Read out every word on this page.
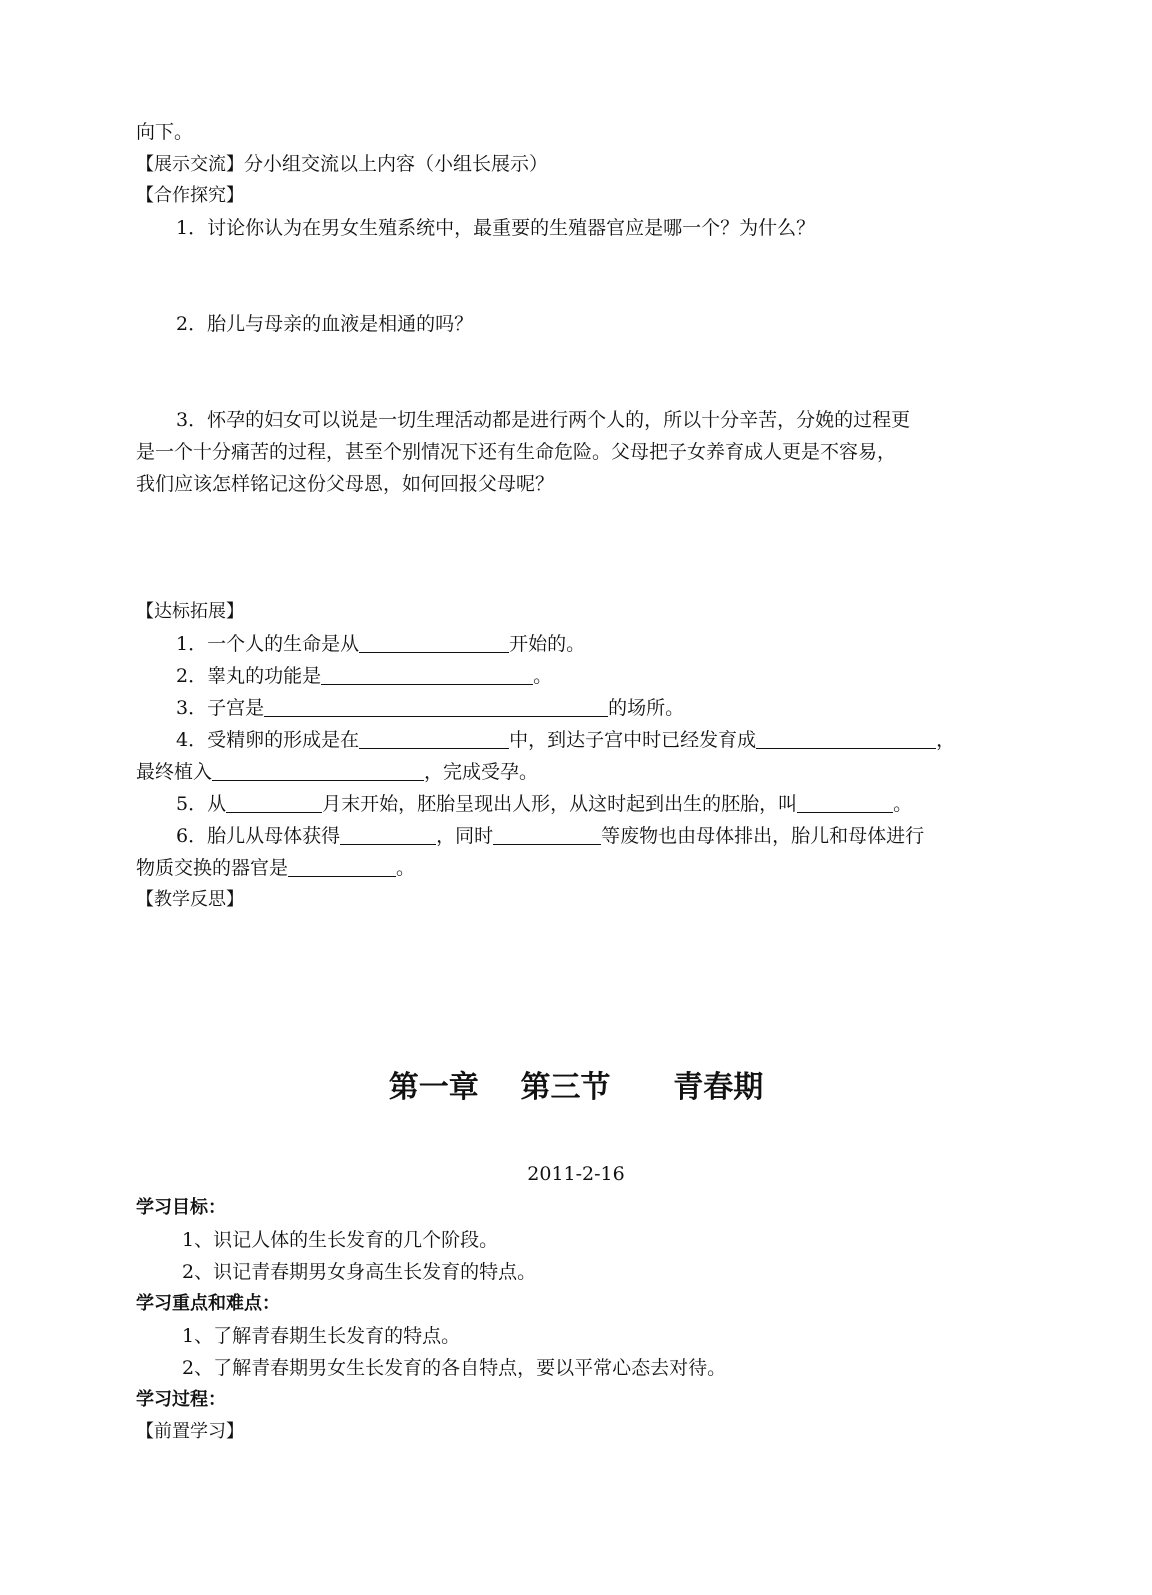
向下。
【展示交流】分小组交流以上内容（小组长展示）
【合作探究】
1．讨论你认为在男女生殖系统中，最重要的生殖器官应是哪一个？为什么？
2．胎儿与母亲的血液是相通的吗？
3．怀孕的妇女可以说是一切生理活动都是进行两个人的，所以十分辛苦，分娩的过程更
是一个十分痛苦的过程，甚至个别情况下还有生命危险。父母把子女养育成人更是不容易，
我们应该怎样铭记这份父母恩，如何回报父母呢？
【达标拓展】
1．一个人的生命是从	开始的。
2．睾丸的功能是	。
3．子宫是	的场所。
4．受精卵的形成是在	中，到达子宫中时已经发育成	，
最终植入	，完成受孕。
5．从	月末开始，胚胎呈现出人形，从这时起到出生的胚胎，叫	。
6．胎儿从母体获得	，同时	等废物也由母体排出，胎儿和母体进行
物质交换的器官是	。
【教学反思】
第一章    第三节      青春期
2011-2-16
学习目标：
1、识记人体的生长发育的几个阶段。
2、识记青春期男女身高生长发育的特点。
学习重点和难点：
1、了解青春期生长发育的特点。
2、了解青春期男女生长发育的各自特点，要以平常心态去对待。
学习过程：
【前置学习】
